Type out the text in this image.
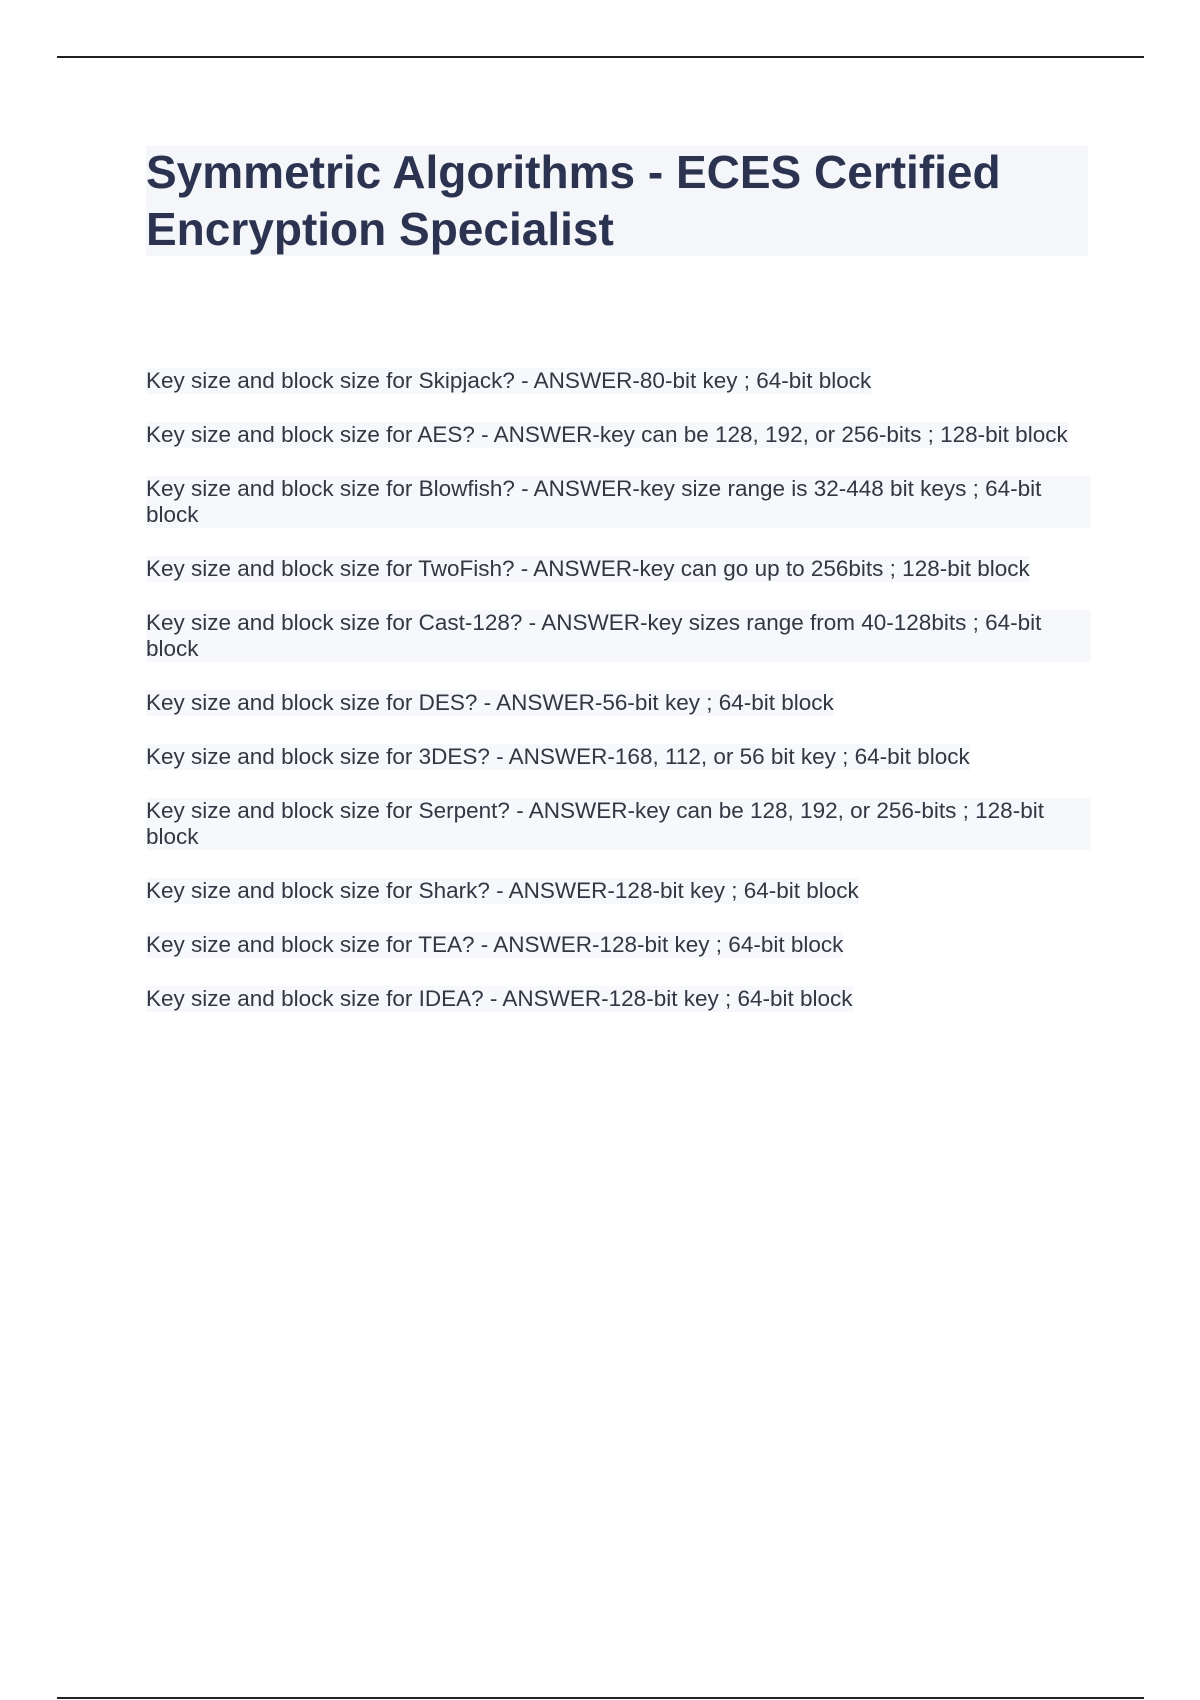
Symmetric Algorithms - ECES Certified Encryption Specialist

Key size and block size for Skipjack? - ANSWER-80-bit key ; 64-bit block

Key size and block size for AES? - ANSWER-key can be 128, 192, or 256-bits ; 128-bit block

Key size and block size for Blowfish? - ANSWER-key size range is 32-448 bit keys ; 64-bit block

Key size and block size for TwoFish? - ANSWER-key can go up to 256bits ; 128-bit block

Key size and block size for Cast-128? - ANSWER-key sizes range from 40-128bits ; 64-bit block

Key size and block size for DES? - ANSWER-56-bit key ; 64-bit block

Key size and block size for 3DES? - ANSWER-168, 112, or 56 bit key ; 64-bit block

Key size and block size for Serpent? - ANSWER-key can be 128, 192, or 256-bits ; 128-bit block

Key size and block size for Shark? - ANSWER-128-bit key ; 64-bit block

Key size and block size for TEA? - ANSWER-128-bit key ; 64-bit block

Key size and block size for IDEA? - ANSWER-128-bit key ; 64-bit block
